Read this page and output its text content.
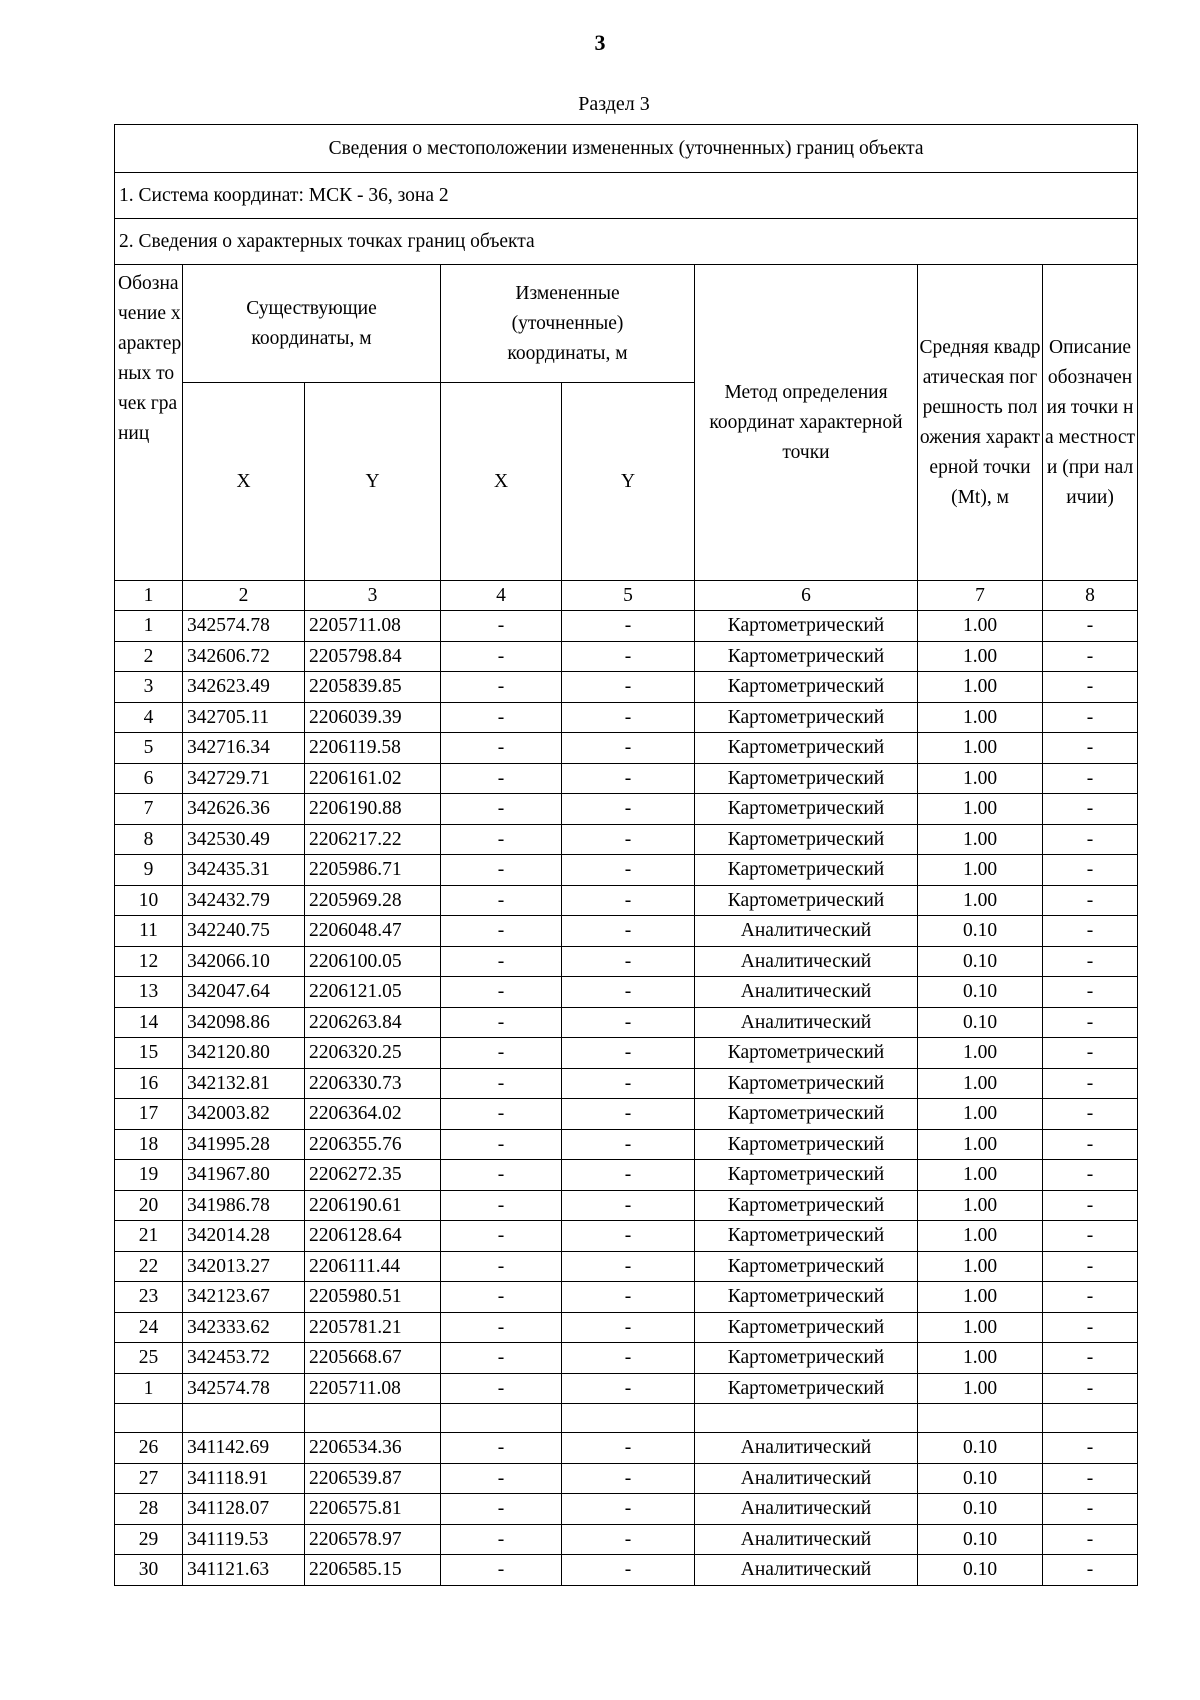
3
Раздел 3
Сведения о местоположении измененных (уточненных) границ объекта							
1. Система координат: МСК - 36, зона 2							
2. Сведения о характерных точках границ объекта							
Обозначение характерных точек границ	Существующие координаты, м		Измененные (уточненные) координаты, м		Метод определения координат характерной точки	Средняя квадратическая погрешность положения характерной точки (Mt), м	Описание обозначения точки на местности (при наличии)
	X	Y	X	Y			
1	2	3	4	5	6	7	8
1	342574.78	2205711.08	-	-	Картометрический	1.00	-
2	342606.72	2205798.84	-	-	Картометрический	1.00	-
3	342623.49	2205839.85	-	-	Картометрический	1.00	-
4	342705.11	2206039.39	-	-	Картометрический	1.00	-
5	342716.34	2206119.58	-	-	Картометрический	1.00	-
6	342729.71	2206161.02	-	-	Картометрический	1.00	-
7	342626.36	2206190.88	-	-	Картометрический	1.00	-
8	342530.49	2206217.22	-	-	Картометрический	1.00	-
9	342435.31	2205986.71	-	-	Картометрический	1.00	-
10	342432.79	2205969.28	-	-	Картометрический	1.00	-
11	342240.75	2206048.47	-	-	Аналитический	0.10	-
12	342066.10	2206100.05	-	-	Аналитический	0.10	-
13	342047.64	2206121.05	-	-	Аналитический	0.10	-
14	342098.86	2206263.84	-	-	Аналитический	0.10	-
15	342120.80	2206320.25	-	-	Картометрический	1.00	-
16	342132.81	2206330.73	-	-	Картометрический	1.00	-
17	342003.82	2206364.02	-	-	Картометрический	1.00	-
18	341995.28	2206355.76	-	-	Картометрический	1.00	-
19	341967.80	2206272.35	-	-	Картометрический	1.00	-
20	341986.78	2206190.61	-	-	Картометрический	1.00	-
21	342014.28	2206128.64	-	-	Картометрический	1.00	-
22	342013.27	2206111.44	-	-	Картометрический	1.00	-
23	342123.67	2205980.51	-	-	Картометрический	1.00	-
24	342333.62	2205781.21	-	-	Картометрический	1.00	-
25	342453.72	2205668.67	-	-	Картометрический	1.00	-
1	342574.78	2205711.08	-	-	Картометрический	1.00	-

26	341142.69	2206534.36	-	-	Аналитический	0.10	-
27	341118.91	2206539.87	-	-	Аналитический	0.10	-
28	341128.07	2206575.81	-	-	Аналитический	0.10	-
29	341119.53	2206578.97	-	-	Аналитический	0.10	-
30	341121.63	2206585.15	-	-	Аналитический	0.10	-
